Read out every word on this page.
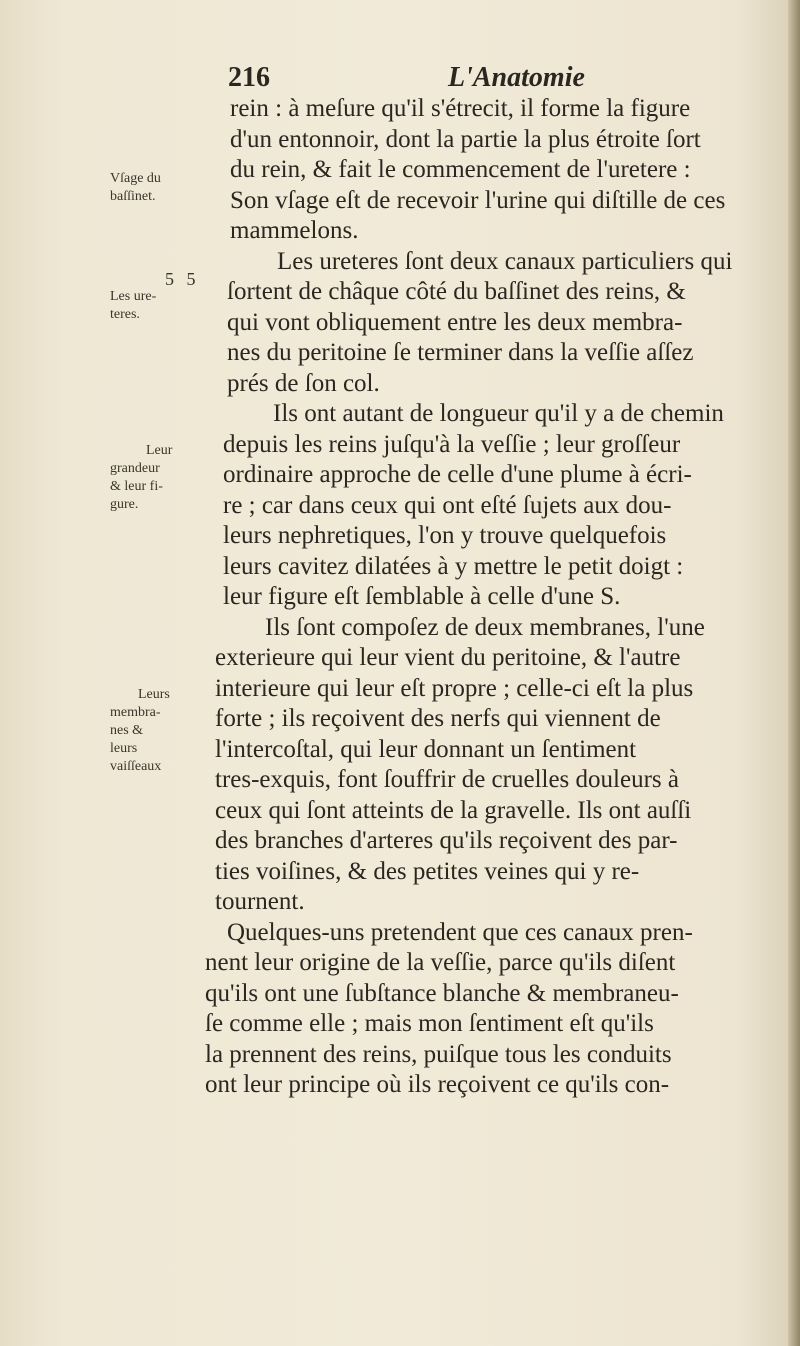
216	L'Anatomie
Vſage du
baſſinet.
5 5
Les ure-
teres.
Leur
grandeur
& leur fi-
gure.
Leurs
membra-
nes &
leurs
vaiſſeaux
rein : à meſure qu'il s'étrecit, il forme la figure
d'un entonnoir, dont la partie la plus étroite ſort
du rein, & fait le commencement de l'uretere :
Son vſage eſt de recevoir l'urine qui diſtille de ces
mammelons.
Les ureteres ſont deux canaux particuliers qui
ſortent de châque côté du baſſinet des reins, &
qui vont obliquement entre les deux membra-
nes du peritoine ſe terminer dans la veſſie aſſez
prés de ſon col.
Ils ont autant de longueur qu'il y a de chemin
depuis les reins juſqu'à la veſſie ; leur groſſeur
ordinaire approche de celle d'une plume à écri-
re ; car dans ceux qui ont eſté ſujets aux dou-
leurs nephretiques, l'on y trouve quelquefois
leurs cavitez dilatées à y mettre le petit doigt :
leur figure eſt ſemblable à celle d'une S.
Ils ſont compoſez de deux membranes, l'une
exterieure qui leur vient du peritoine, & l'autre
interieure qui leur eſt propre ; celle-ci eſt la plus
forte ; ils reçoivent des nerfs qui viennent de
l'intercoſtal, qui leur donnant un ſentiment
tres-exquis, font ſouffrir de cruelles douleurs à
ceux qui ſont atteints de la gravelle. Ils ont auſſi
des branches d'arteres qu'ils reçoivent des par-
ties voiſines, & des petites veines qui y re-
tournent.
Quelques-uns pretendent que ces canaux pren-
nent leur origine de la veſſie, parce qu'ils diſent
qu'ils ont une ſubſtance blanche & membraneu-
ſe comme elle ; mais mon ſentiment eſt qu'ils
la prennent des reins, puiſque tous les conduits
ont leur principe où ils reçoivent ce qu'ils con-
